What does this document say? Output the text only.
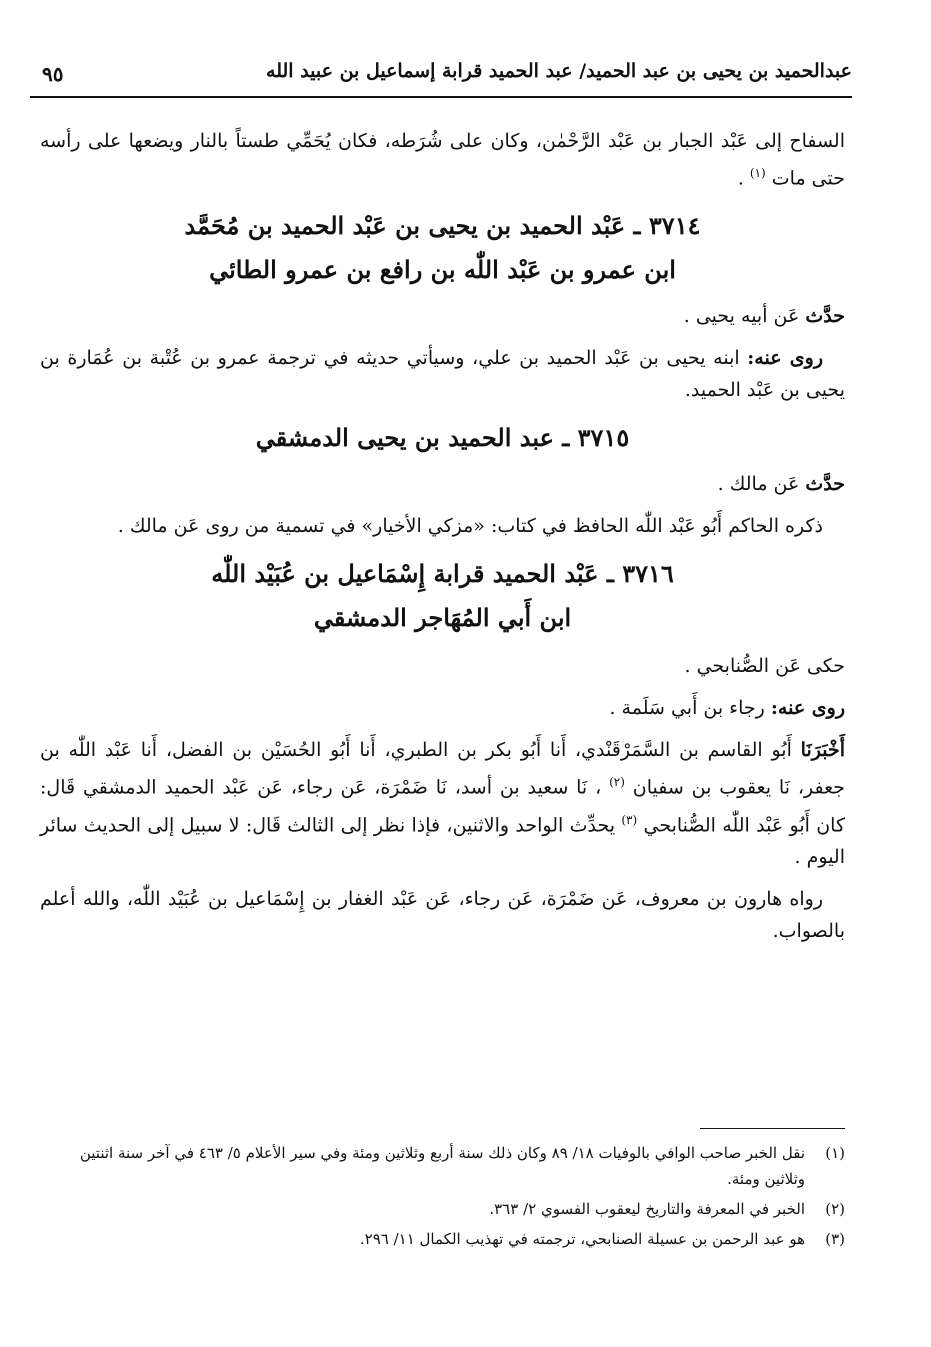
عبدالحميد بن يحيى بن عبد الحميد/ عبد الحميد قرابة إسماعيل بن عبيد الله
٩٥

السفاح إلى عَبْد الجبار بن عَبْد الرَّحْمٰن، وكان على شُرَطه، فكان يُحَمِّي طستاً بالنار ويضعها على رأسه حتى مات $^{(١)}$ .

٣٧١٤ ـ عَبْد الحميد بن يحيى بن عَبْد الحميد بن مُحَمَّد
ابن عمرو بن عَبْد اللّٰه بن رافع بن عمرو الطائي

حدَّث عَن أبيه يحيى .

روى عنه: ابنه يحيى بن عَبْد الحميد بن علي، وسيأتي حديثه في ترجمة عمرو بن عُتْبة بن عُمَارة بن يحيى بن عَبْد الحميد.

٣٧١٥ ـ عبد الحميد بن يحيى الدمشقي

حدَّث عَن مالك .

ذكره الحاكم أَبُو عَبْد اللّٰه الحافظ في كتاب: «مزكي الأخيار» في تسمية من روى عَن مالك .

٣٧١٦ ـ عَبْد الحميد قرابة إِسْمَاعيل بن عُبَيْد اللّٰه
ابن أَبي المُهَاجر الدمشقي

حكى عَن الصُّنابحي .

روى عنه: رجاء بن أَبي سَلَمة .

أَخْبَرَنَا أَبُو القاسم بن السَّمَرْقَنْدي، أَنا أَبُو بكر بن الطبري، أَنا أَبُو الحُسَيْن بن الفضل، أَنا عَبْد اللّٰه بن جعفر، نَا يعقوب بن سفيان $^{(٢)}$ ، نَا سعيد بن أسد، نَا ضَمْرَة، عَن رجاء، عَن عَبْد الحميد الدمشقي قَال: كان أَبُو عَبْد اللّٰه الصُّنابحي $^{(٣)}$ يحدِّث الواحد والاثنين، فإذا نظر إلى الثالث قَال: لا سبيل إلى الحديث سائر اليوم .

رواه هارون بن معروف، عَن ضَمْرَة، عَن رجاء، عَن عَبْد الغفار بن إِسْمَاعيل بن عُبَيْد اللّٰه، والله أعلم بالصواب.

(١)
نقل الخبر صاحب الوافي بالوفيات ١٨/ ٨٩ وكان ذلك سنة أربع وثلاثين ومئة وفي سير الأعلام ٥/ ٤٦٣ في آخر سنة اثنتين وثلاثين ومئة.
(٢)
الخبر في المعرفة والتاريخ ليعقوب الفسوي ٢/ ٣٦٣.
(٣)
هو عبد الرحمن بن عسيلة الصنابحي، ترجمته في تهذيب الكمال ١١/ ٢٩٦.
